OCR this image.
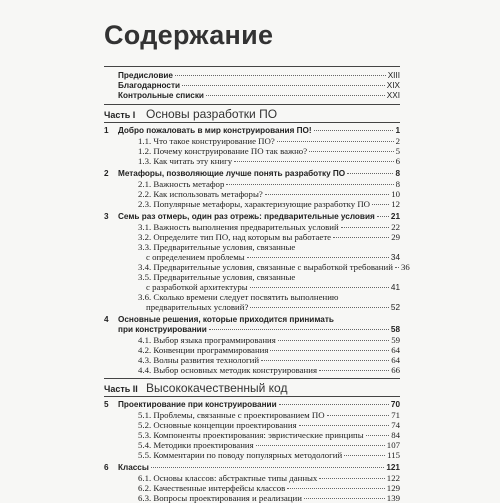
Содержание
Предисловие	XIII
Благодарности	XIX
Контрольные списки	XXI
Часть I Основы разработки ПО
1	Добро пожаловать в мир конструирования ПО!	1
1.1. Что такое конструирование ПО?	2
1.2. Почему конструирование ПО так важно?	5
1.3. Как читать эту книгу	6
2	Метафоры, позволяющие лучше понять разработку ПО	8
2.1. Важность метафор	8
2.2. Как использовать метафоры?	10
2.3. Популярные метафоры, характеризующие разработку ПО 12
3	Семь раз отмерь, один раз отрежь: предварительные условия 21
3.1. Важность выполнения предварительных условий	22
3.2. Определите тип ПО, над которым вы работаете	29
3.3. Предварительные условия, связанные
с определением проблемы	34
3.4. Предварительные условия, связанные с выработкой требований 36
3.5. Предварительные условия, связанные
с разработкой архитектуры	41
3.6. Сколько времени следует посвятить выполнению
предварительных условий?	52
4	Основные решения, которые приходится принимать
при конструировании	58
4.1. Выбор языка программирования	59
4.2. Конвенции программирования	64
4.3. Волны развития технологий	64
4.4. Выбор основных методик конструирования	66
Часть II Высококачественный код
5	Проектирование при конструировании	70
5.1. Проблемы, связанные с проектированием ПО	71
5.2. Основные концепции проектирования	74
5.3. Компоненты проектирования: эвристические принципы	84
5.4. Методики проектирования	107
5.5. Комментарии по поводу популярных методологий	115
6	Классы	121
6.1. Основы классов: абстрактные типы данных	122
6.2. Качественные интерфейсы классов	129
6.3. Вопросы проектирования и реализации	139
